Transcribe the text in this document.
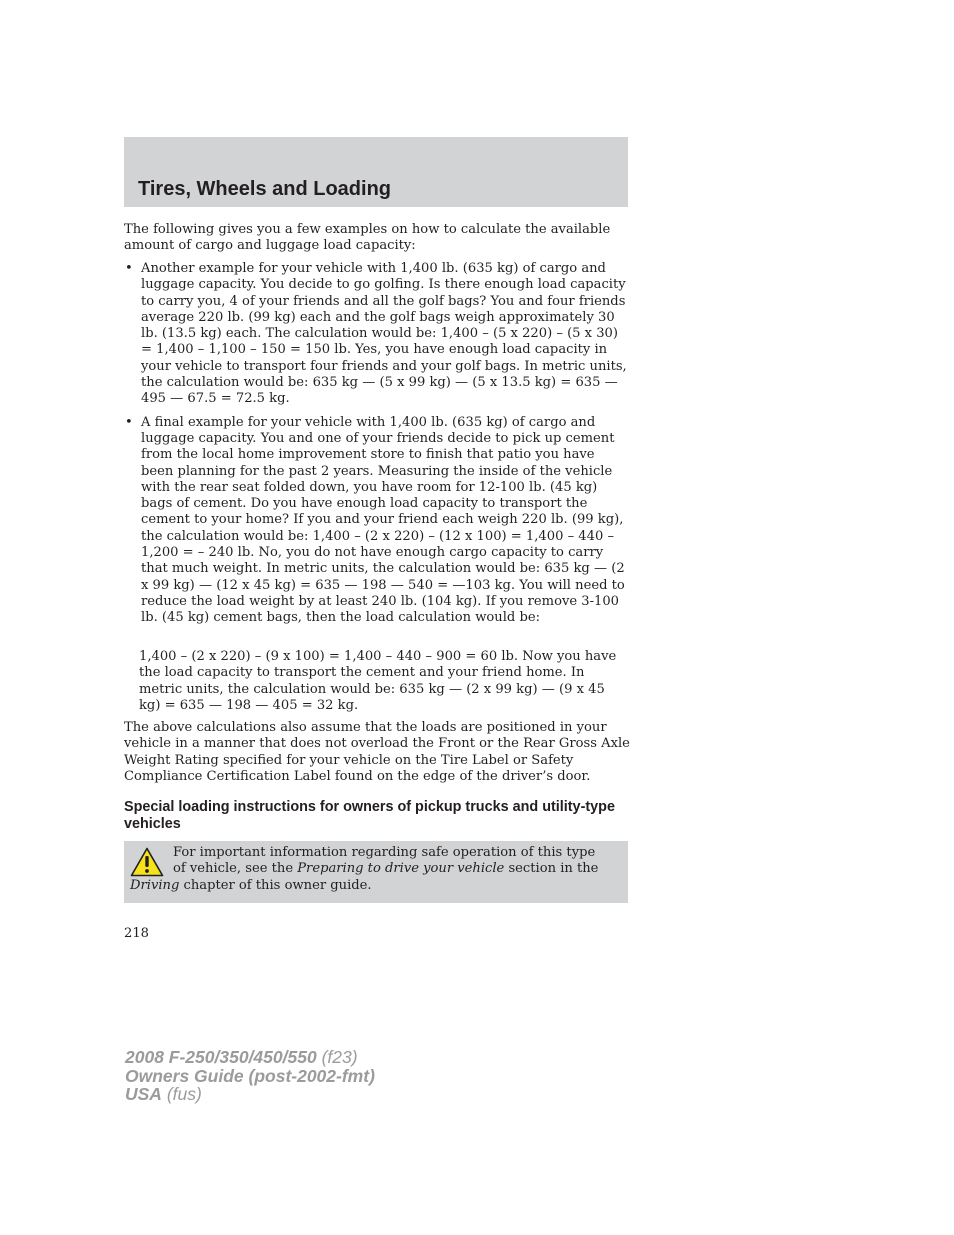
Tires, Wheels and Loading

The following gives you a few examples on how to calculate the available amount of cargo and luggage load capacity:

• Another example for your vehicle with 1,400 lb. (635 kg) of cargo and luggage capacity. You decide to go golfing. Is there enough load capacity to carry you, 4 of your friends and all the golf bags? You and four friends average 220 lb. (99 kg) each and the golf bags weigh approximately 30 lb. (13.5 kg) each. The calculation would be: 1,400 – (5 x 220) – (5 x 30) = 1,400 – 1,100 – 150 = 150 lb. Yes, you have enough load capacity in your vehicle to transport four friends and your golf bags. In metric units, the calculation would be: 635 kg — (5 x 99 kg) — (5 x 13.5 kg) = 635 — 495 — 67.5 = 72.5 kg.
• A final example for your vehicle with 1,400 lb. (635 kg) of cargo and luggage capacity. You and one of your friends decide to pick up cement from the local home improvement store to finish that patio you have been planning for the past 2 years. Measuring the inside of the vehicle with the rear seat folded down, you have room for 12-100 lb. (45 kg) bags of cement. Do you have enough load capacity to transport the cement to your home? If you and your friend each weigh 220 lb. (99 kg), the calculation would be: 1,400 – (2 x 220) – (12 x 100) = 1,400 – 440 – 1,200 = – 240 lb. No, you do not have enough cargo capacity to carry that much weight. In metric units, the calculation would be: 635 kg — (2 x 99 kg) — (12 x 45 kg) = 635 — 198 — 540 = —103 kg. You will need to reduce the load weight by at least 240 lb. (104 kg). If you remove 3-100 lb. (45 kg) cement bags, then the load calculation would be:

1,400 – (2 x 220) – (9 x 100) = 1,400 – 440 – 900 = 60 lb. Now you have the load capacity to transport the cement and your friend home. In metric units, the calculation would be: 635 kg — (2 x 99 kg) — (9 x 45 kg) = 635 — 198 — 405 = 32 kg.

The above calculations also assume that the loads are positioned in your vehicle in a manner that does not overload the Front or the Rear Gross Axle Weight Rating specified for your vehicle on the Tire Label or Safety Compliance Certification Label found on the edge of the driver’s door.

Special loading instructions for owners of pickup trucks and utility-type vehicles

For important information regarding safe operation of this type of vehicle, see the Preparing to drive your vehicle section in the Driving chapter of this owner guide.

218
2008 F-250/350/450/550 (f23)
Owners Guide (post-2002-fmt)
USA (fus)
